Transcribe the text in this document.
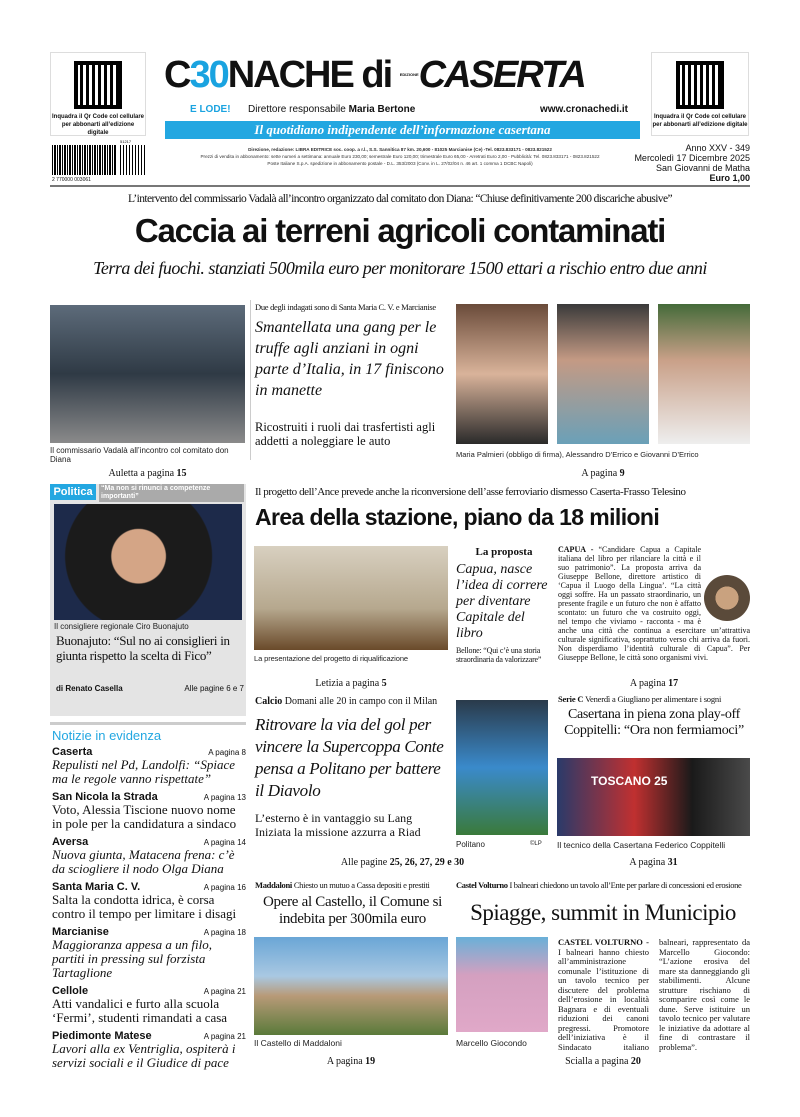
Inquadra il Qr Code col cellulare per abbonarti all’edizione digitale

Inquadra il Qr Code col cellulare per abbonarti all’edizione digitale

C30NACHE di EDIZIONECASERTA
E LODE! Direttore responsabile Maria Bertone	www.cronachedi.it
Il quotidiano indipendente dell’informazione casertana
51217
2 770000 003061
Direzione, redazione: LIBRA EDITRICE soc. coop. a r.l., S.S. Sannitica 87 km. 20,600 - 81025 Marcianise (Ce) -Tel. 0823.833171 - 0823.821522
Prezzi di vendita in abbonamento: sette numeri a settimana: annuale Euro 230,00; semestrale Euro 120,00; trimestrale Euro 65,00 - Arretrati Euro 2,00 - Pubblicità: Tel. 0823.833171 - 0823.821522
Poste Italiane S.p.A. spedizione in abbonamento postale - D.L. 353/2003 (Conv. in L. 27/02/04 n. 46 art. 1 comma 1 DCBC Napoli)
Anno XXV - 349
Mercoledì 17 Dicembre 2025
San Giovanni de Matha
Euro 1,00
L’intervento del commissario Vadalà all’incontro organizzato dal comitato don Diana: “Chiuse definitivamente 200 discariche abusive”
Caccia ai terreni agricoli contaminati
Terra dei fuochi. stanziati 500mila euro per monitorare 1500 ettari a rischio entro due anni
Il commissario Vadalà all’incontro col comitato don Diana
Auletta a pagina 15
Due degli indagati sono di Santa Maria C. V. e Marcianise
Smantellata una gang per le truffe agli anziani in ogni parte d’Italia, in 17 finiscono in manette
Ricostruiti i ruoli dai trasfertisti agli addetti a noleggiare le auto
Maria Palmieri (obbligo di firma), Alessandro D’Errico e Giovanni D’Errico
A pagina 9
Politica	“Ma non si rinunci a competenze importanti”
Il consigliere regionale Ciro Buonajuto
Buonajuto: “Sul no ai consiglieri in giunta rispetto la scelta di Fico”
di Renato Casella	Alle pagine 6 e 7
Il progetto dell’Ance prevede anche la riconversione dell’asse ferroviario dismesso Caserta-Frasso Telesino
Area della stazione, piano da 18 milioni
La presentazione del progetto di riqualificazione
Letizia a pagina 5
La proposta
Capua, nasce l’idea di correre per diventare Capitale del libro
Bellone: “Qui c’è una storia straordinaria da valorizzare”
CAPUA - “Candidare Capua a Capitale italiana del libro per rilanciare la città e il suo patrimonio”. La proposta arriva da Giuseppe Bellone, direttore artistico di ‘Capua il Luogo della Lingua’. “La città oggi soffre. Ha un passato straordinario, un presente fragile e un futuro che non è affatto scontato: un futuro che va costruito oggi, nel tempo che viviamo - racconta - ma è anche una città che continua a esercitare un’attrattiva culturale significativa, soprattutto verso chi arriva da fuori. Non disperdiamo l’identità culturale di Capua”. Per Giuseppe Bellone, le città sono organismi vivi.
A pagina 17
Notizie in evidenza
Caserta	A pagina 8
Repulisti nel Pd, Landolfi: “Spiace ma le regole vanno rispettate”
San Nicola la Strada	A pagina 13
Voto, Alessia Tiscione nuovo nome in pole per la candidatura a sindaco
Aversa	A pagina 14
Nuova giunta, Matacena frena: c’è da sciogliere il nodo Olga Diana
Santa Maria C. V.	A pagina 16
Salta la condotta idrica, è corsa contro il tempo per limitare i disagi
Marcianise	A pagina 18
Maggioranza appesa a un filo, partiti in pressing sul forzista Tartaglione
Cellole	A pagina 21
Atti vandalici e furto alla scuola ‘Fermi’, studenti rimandati a casa
Piedimonte Matese	A pagina 21
Lavori alla ex Ventriglia, ospiterà i servizi sociali e il Giudice di pace
Calcio Domani alle 20 in campo con il Milan
Ritrovare la via del gol per vincere la Supercoppa Conte pensa a Politano per battere il Diavolo
L’esterno è in vantaggio su Lang Iniziata la missione azzurra a Riad
Politano	©LP
Alle pagine 25, 26, 27, 29 e 30
Serie C Venerdì a Giugliano per alimentare i sogni
Casertana in piena zona play-off Coppitelli: “Ora non fermiamoci”
TOSCANO 25
Il tecnico della Casertana Federico Coppitelli
A pagina 31
Maddaloni Chiesto un mutuo a Cassa depositi e prestiti
Opere al Castello, il Comune si indebita per 300mila euro
Il Castello di Maddaloni
A pagina 19
Castel Volturno I balneari chiedono un tavolo all’Ente per parlare di concessioni ed erosione
Spiagge, summit in Municipio
Marcello Giocondo
CASTEL VOLTURNO - I balneari hanno chiesto all’amministrazione comunale l’istituzione di un tavolo tecnico per discutere del problema dell’erosione in località Bagnara e di eventuali riduzioni dei canoni pregressi. Promotore dell’iniziativa è il Sindacato italiano balneari, rappresentato da Marcello Giocondo: “L’azione erosiva del mare sta danneggiando gli stabilimenti. Alcune strutture rischiano di scomparire così come le dune. Serve istituire un tavolo tecnico per valutare le iniziative da adottare al fine di contrastare il problema”.
Scialla a pagina 20
